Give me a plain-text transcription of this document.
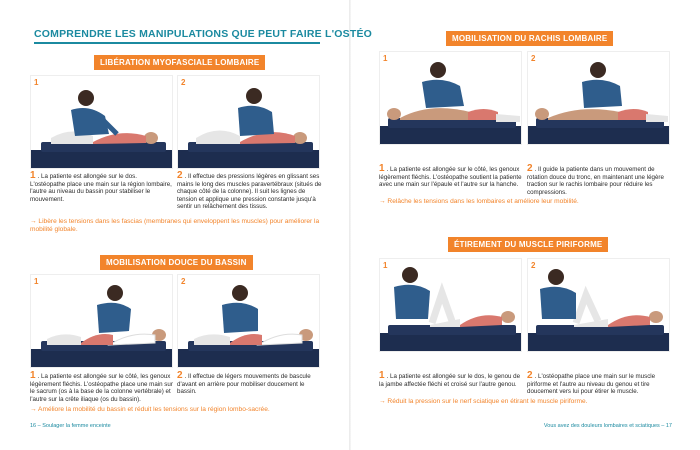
COMPRENDRE LES MANIPULATIONS QUE PEUT FAIRE L'OSTÉO
LIBÉRATION MYOFASCIALE LOMBAIRE
1	2
1 . La patiente est allongée sur le dos. L'ostéopathe place une main sur la région lombaire, l'autre au niveau du bassin pour stabiliser le mouvement.
2 . Il effectue des pressions légères en glissant ses mains le long des muscles paravertébraux (situés de chaque côté de la colonne). Il suit les lignes de tension et applique une pression constante jusqu'à sentir un relâchement des tissus.
→ Libère les tensions dans les fascias (membranes qui enveloppent les muscles) pour améliorer la mobilité globale.
MOBILISATION DOUCE DU BASSIN
1	2
1 . La patiente est allongée sur le côté, les genoux légèrement fléchis. L'ostéopathe place une main sur le sacrum (os à la base de la colonne vertébrale) et l'autre sur la crête iliaque (os du bassin).
2 . Il effectue de légers mouvements de bascule d'avant en arrière pour mobiliser doucement le bassin.
→ Améliore la mobilité du bassin et réduit les tensions sur la région lombo-sacrée.
MOBILISATION DU RACHIS LOMBAIRE
1	2
1 . La patiente est allongée sur le côté, les genoux légèrement fléchis. L'ostéopathe soutient la patiente avec une main sur l'épaule et l'autre sur la hanche.
2 . Il guide la patiente dans un mouvement de rotation douce du tronc, en maintenant une légère traction sur le rachis lombaire pour réduire les compressions.
→ Relâche les tensions dans les lombaires et améliore leur mobilité.
ÉTIREMENT DU MUSCLE PIRIFORME
1	2
1 . La patiente est allongée sur le dos, le genou de la jambe affectée fléchi et croisé sur l'autre genou.
2 . L'ostéopathe place une main sur le muscle piriforme et l'autre au niveau du genou et tire doucement vers lui pour étirer le muscle.
→ Réduit la pression sur le nerf sciatique en étirant le muscle piriforme.
16 – Soulager la femme enceinte	Vous avez des douleurs lombaires et sciatiques – 17
